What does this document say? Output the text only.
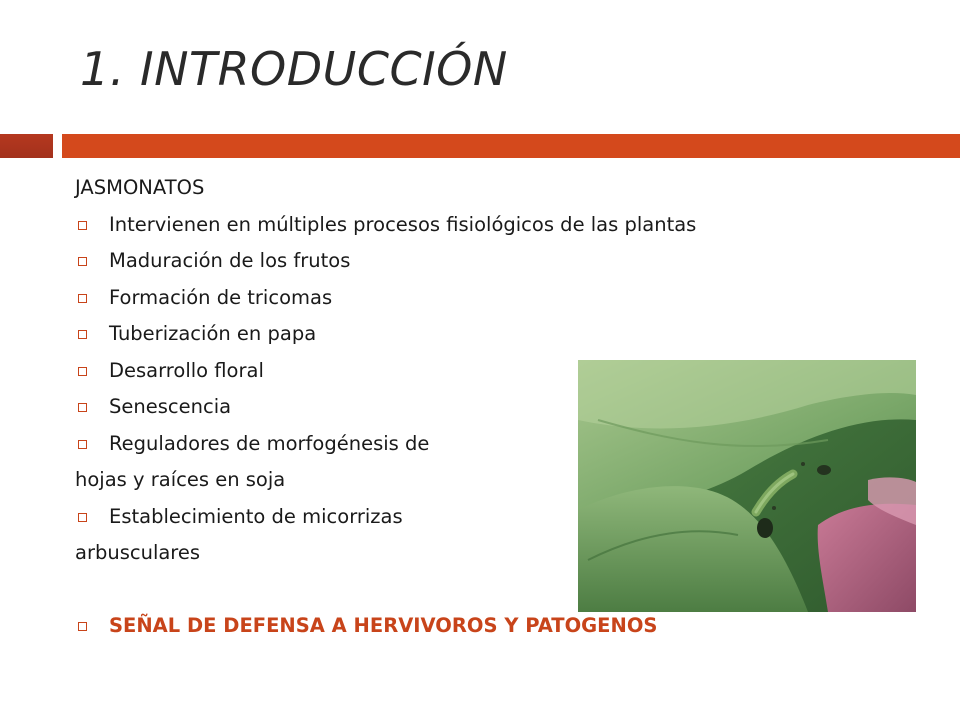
1. INTRODUCCIÓN
JASMONATOS
Intervienen en múltiples procesos fisiológicos de las plantas
Maduración de los frutos
Formación de tricomas
Tuberización en papa
Desarrollo floral
Senescencia
Reguladores de morfogénesis de
hojas y raíces en soja
Establecimiento de micorrizas
arbusculares
SEÑAL DE DEFENSA A HERVIVOROS Y PATOGENOS
